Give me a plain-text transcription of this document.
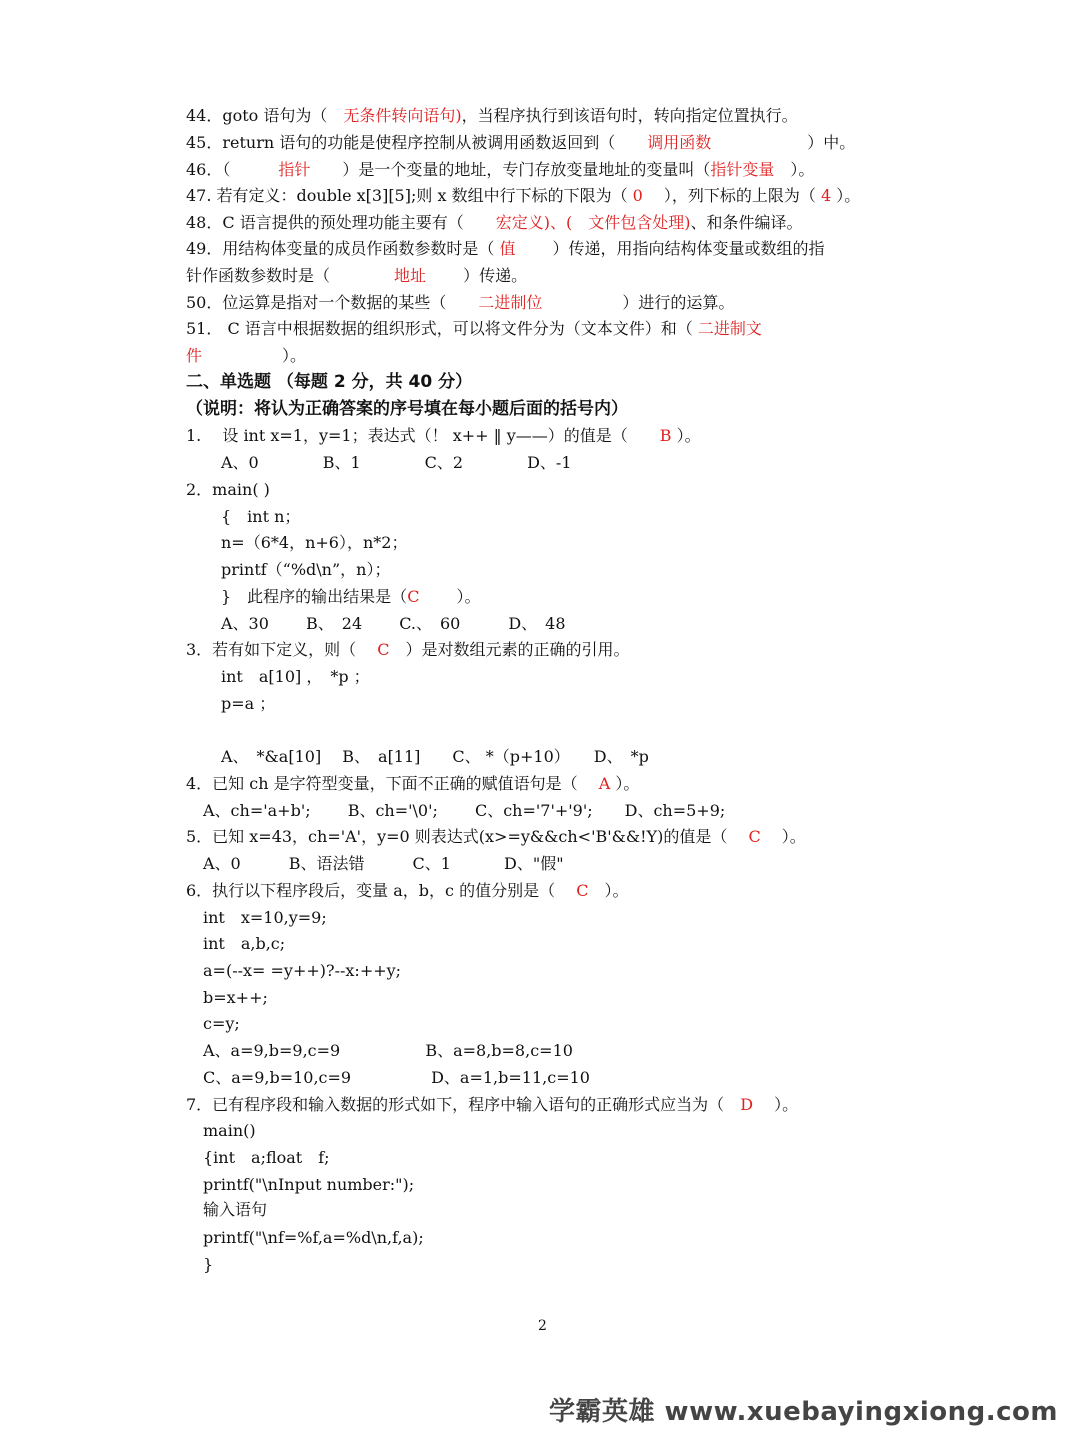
44．goto 语句为（　无条件转向语句)，当程序执行到该语句时，转向指定位置执行。
45．return 语句的功能是使程序控制从被调用函数返回到（　　调用函数　　　　　　）中。
46．（　　　指针　　）是一个变量的地址，专门存放变量地址的变量叫（指针变量　）。
47. 若有定义：double x[3][5];则 x 数组中行下标的下限为（ 0　 ），列下标的上限为（ 4 ）。
48．C 语言提供的预处理功能主要有（　　宏定义)、(　文件包含处理)、和条件编译。
49．用结构体变量的成员作函数参数时是（ 值　　 ）传递，用指向结构体变量或数组的指
针作函数参数时是（　　　　地址　　 ）传递。
50．位运算是指对一个数据的某些（　　二进制位　　　　　）进行的运算。
51． C 语言中根据数据的组织形式，可以将文件分为（文本文件）和（ 二进制文
件　　　　　）。
二、单选题 （每题 2 分，共 40 分）
（说明：将认为正确答案的序号填在每小题后面的括号内）
1.　 设 int x=1，y=1；表达式（！ x++ ‖ y——）的值是（　　B ）。
A、0　　　　B、1　　　　C、2　　　　D、-1
2．main( )
{　int n；
n=（6*4，n+6），n*2；
printf（“%d\n”，n）；
}　此程序的输出结果是（C　　 ）。
A、30　　 B、　24　　 C.、　60　　　D、　48
3．若有如下定义，则（　 C　）是对数组元素的正确的引用。
int　a[10] ，　*p ；
p=a ；
A、　*&a[10]　 B、　a[11]　　C、 *（p+10）　　D、　*p
4．已知 ch 是字符型变量，下面不正确的赋值语句是（　 A ）。
A、ch='a+b';　　 B、ch='\0';　　 C、ch='7'+'9';　　D、ch=5+9;
5．已知 x=43，ch='A'，y=0 则表达式(x>=y&&ch<'B'&&!Y)的值是（　 C　 ）。
A、0　　　B、语法错　　　C、1　　　 D、"假"
6．执行以下程序段后，变量 a，b，c 的值分别是（　 C　）。
int　x=10,y=9;
int　a,b,c;
a=(--x= =y++)?--x:++y;
b=x++;
c=y;
A、a=9,b=9,c=9　　　　　 B、a=8,b=8,c=10
C、a=9,b=10,c=9　　　　　D、a=1,b=11,c=10
7．已有程序段和输入数据的形式如下，程序中输入语句的正确形式应当为（　D　 ）。
main()
{int　a;float　f;
printf("\nInput number:");
输入语句
printf("\nf=%f,a=%d\n,f,a);
}
2
学霸英雄 www.xuebayingxiong.com
